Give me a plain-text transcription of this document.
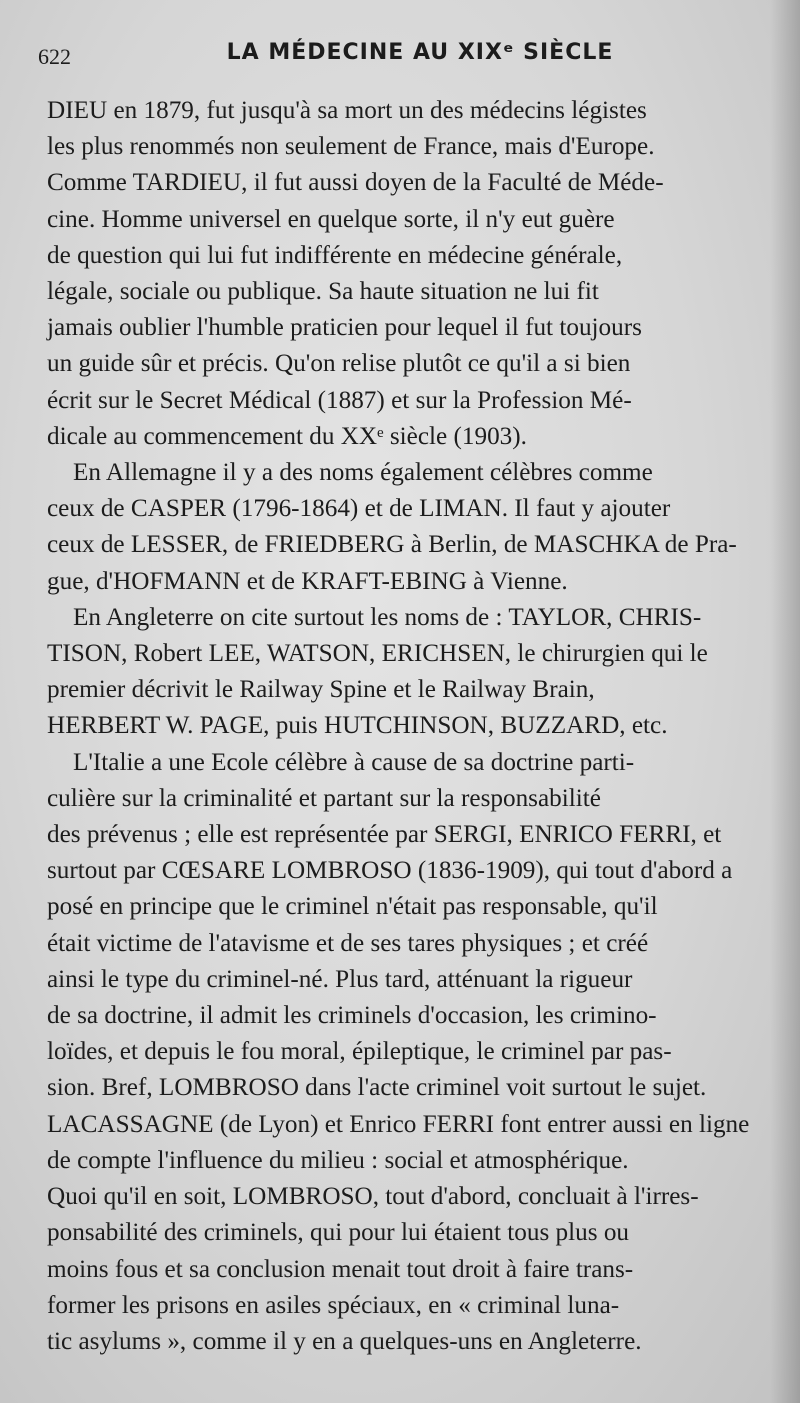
622	LA MÉDECINE AU XIXᵉ SIÈCLE
DIEU en 1879, fut jusqu'à sa mort un des médecins légistes
les plus renommés non seulement de France, mais d'Europe.
Comme TARDIEU, il fut aussi doyen de la Faculté de Méde-
cine. Homme universel en quelque sorte, il n'y eut guère
de question qui lui fut indifférente en médecine générale,
légale, sociale ou publique. Sa haute situation ne lui fit
jamais oublier l'humble praticien pour lequel il fut toujours
un guide sûr et précis. Qu'on relise plutôt ce qu'il a si bien
écrit sur le Secret Médical (1887) et sur la Profession Mé-
dicale au commencement du XXᵉ siècle (1903).
En Allemagne il y a des noms également célèbres comme
ceux de CASPER (1796-1864) et de LIMAN. Il faut y ajouter
ceux de LESSER, de FRIEDBERG à Berlin, de MASCHKA de Pra-
gue, d'HOFMANN et de KRAFT-EBING à Vienne.
En Angleterre on cite surtout les noms de : TAYLOR, CHRIS-
TISON, Robert LEE, WATSON, ERICHSEN, le chirurgien qui le
premier décrivit le Railway Spine et le Railway Brain,
HERBERT W. PAGE, puis HUTCHINSON, BUZZARD, etc.
L'Italie a une Ecole célèbre à cause de sa doctrine parti-
culière sur la criminalité et partant sur la responsabilité
des prévenus ; elle est représentée par SERGI, ENRICO FERRI, et
surtout par CŒSARE LOMBROSO (1836-1909), qui tout d'abord a
posé en principe que le criminel n'était pas responsable, qu'il
était victime de l'atavisme et de ses tares physiques ; et créé
ainsi le type du criminel-né. Plus tard, atténuant la rigueur
de sa doctrine, il admit les criminels d'occasion, les crimino-
loïdes, et depuis le fou moral, épileptique, le criminel par pas-
sion. Bref, LOMBROSO dans l'acte criminel voit surtout le sujet.
LACASSAGNE (de Lyon) et Enrico FERRI font entrer aussi en ligne
de compte l'influence du milieu : social et atmosphérique.
Quoi qu'il en soit, LOMBROSO, tout d'abord, concluait à l'irres-
ponsabilité des criminels, qui pour lui étaient tous plus ou
moins fous et sa conclusion menait tout droit à faire trans-
former les prisons en asiles spéciaux, en « criminal luna-
tic asylums », comme il y en a quelques-uns en Angleterre.
